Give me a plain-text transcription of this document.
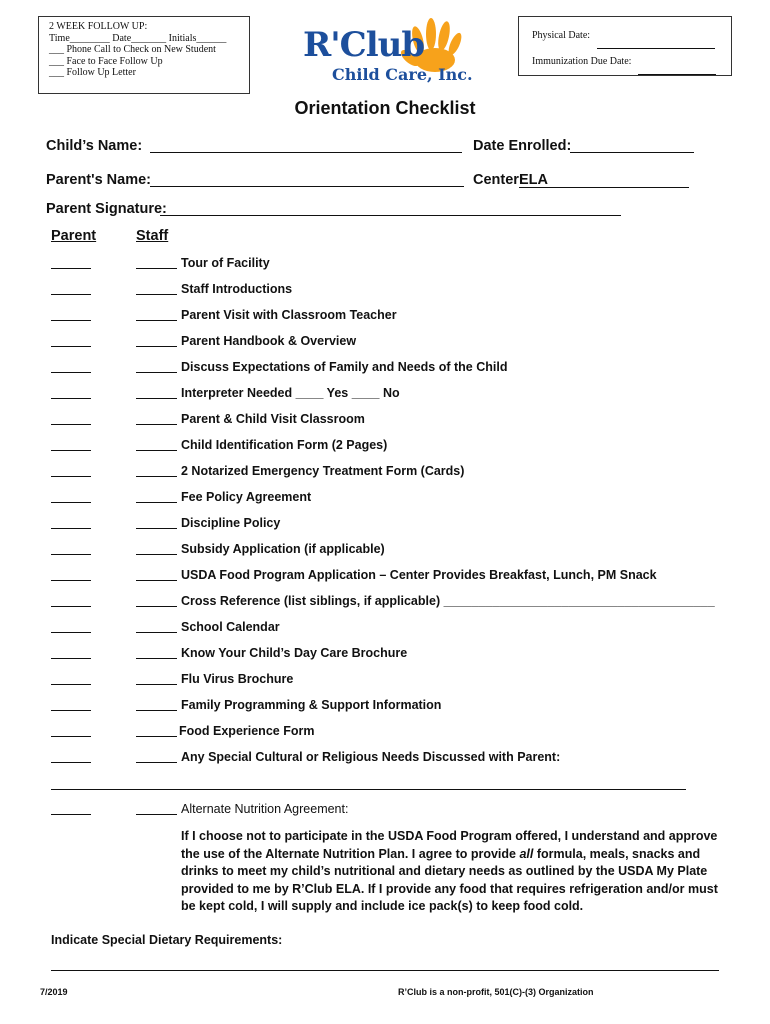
2 WEEK FOLLOW UP:
Time________ Date_______ Initials______
___ Phone Call to Check on New Student
___ Face to Face Follow Up
___ Follow Up Letter
Physical Date:
Immunization Due Date:
R'Club
Child Care, Inc.
Orientation Checklist
Child’s Name:	Date Enrolled:
Parent's Name:	Center:
ELA
Parent Signature:
Parent	Staff
Tour of Facility
Staff Introductions
Parent Visit with Classroom Teacher
Parent Handbook & Overview
Discuss Expectations of Family and Needs of the Child
Interpreter Needed ____ Yes ____ No
Parent & Child Visit Classroom
Child Identification Form (2 Pages)
2 Notarized Emergency Treatment Form (Cards)
Fee Policy Agreement
Discipline Policy
Subsidy Application (if applicable)
USDA Food Program Application – Center Provides Breakfast, Lunch, PM Snack
Cross Reference (list siblings, if applicable) _______________________________________
School Calendar
Know Your Child’s Day Care Brochure
Flu Virus Brochure
Family Programming & Support Information
Food Experience Form
Any Special Cultural or Religious Needs Discussed with Parent:
Alternate Nutrition Agreement:
If I choose not to participate in the USDA Food Program offered, I understand and approve the use of the Alternate Nutrition Plan. I agree to provide all formula, meals, snacks and drinks to meet my child’s nutritional and dietary needs as outlined by the USDA My Plate provided to me by R’Club ELA. If I provide any food that requires refrigeration and/or must be kept cold, I will supply and include ice pack(s) to keep food cold.
Indicate Special Dietary Requirements:
7/2019	R’Club is a non-profit, 501(C)-(3) Organization
